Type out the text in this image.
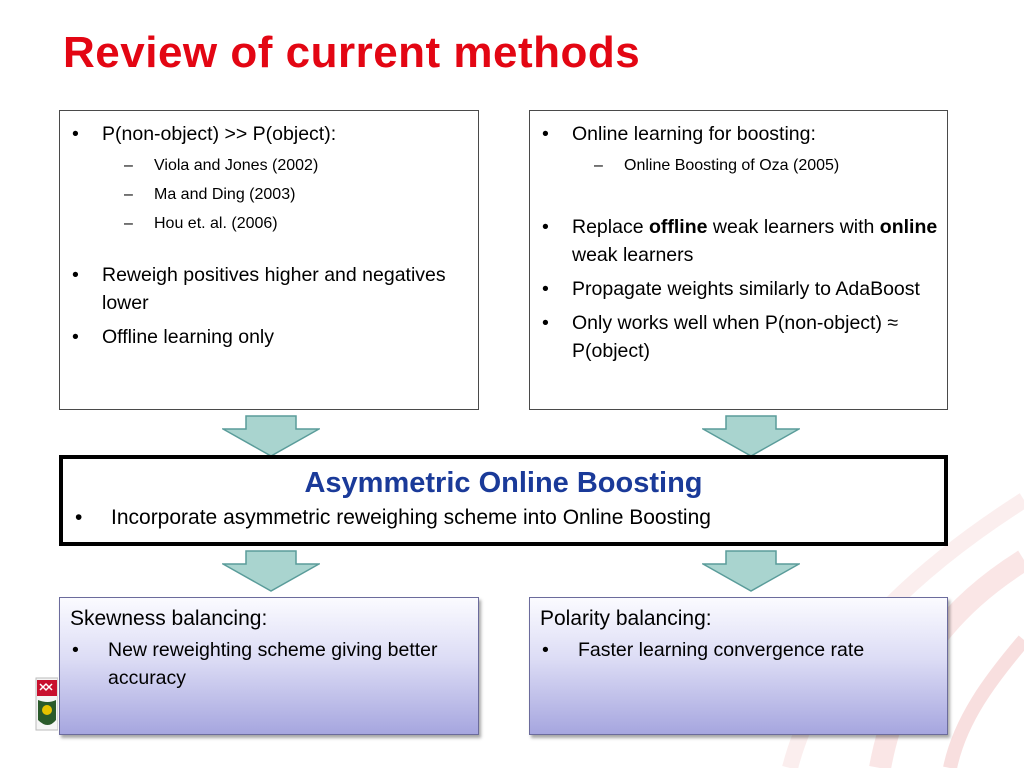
Review of current methods
• P(non-object) >> P(object):
– Viola and Jones (2002)
– Ma and Ding (2003)
– Hou et. al. (2006)
• Reweigh positives higher and negatives lower
• Offline learning only
• Online learning for boosting:
– Online Boosting of Oza (2005)
• Replace offline weak learners with online weak learners
• Propagate weights similarly to AdaBoost
• Only works well when P(non-object) ≈ P(object)
Asymmetric Online Boosting
• Incorporate asymmetric reweighing scheme into Online Boosting
Skewness balancing:
• New reweighting scheme giving better accuracy
Polarity balancing:
• Faster learning convergence rate
